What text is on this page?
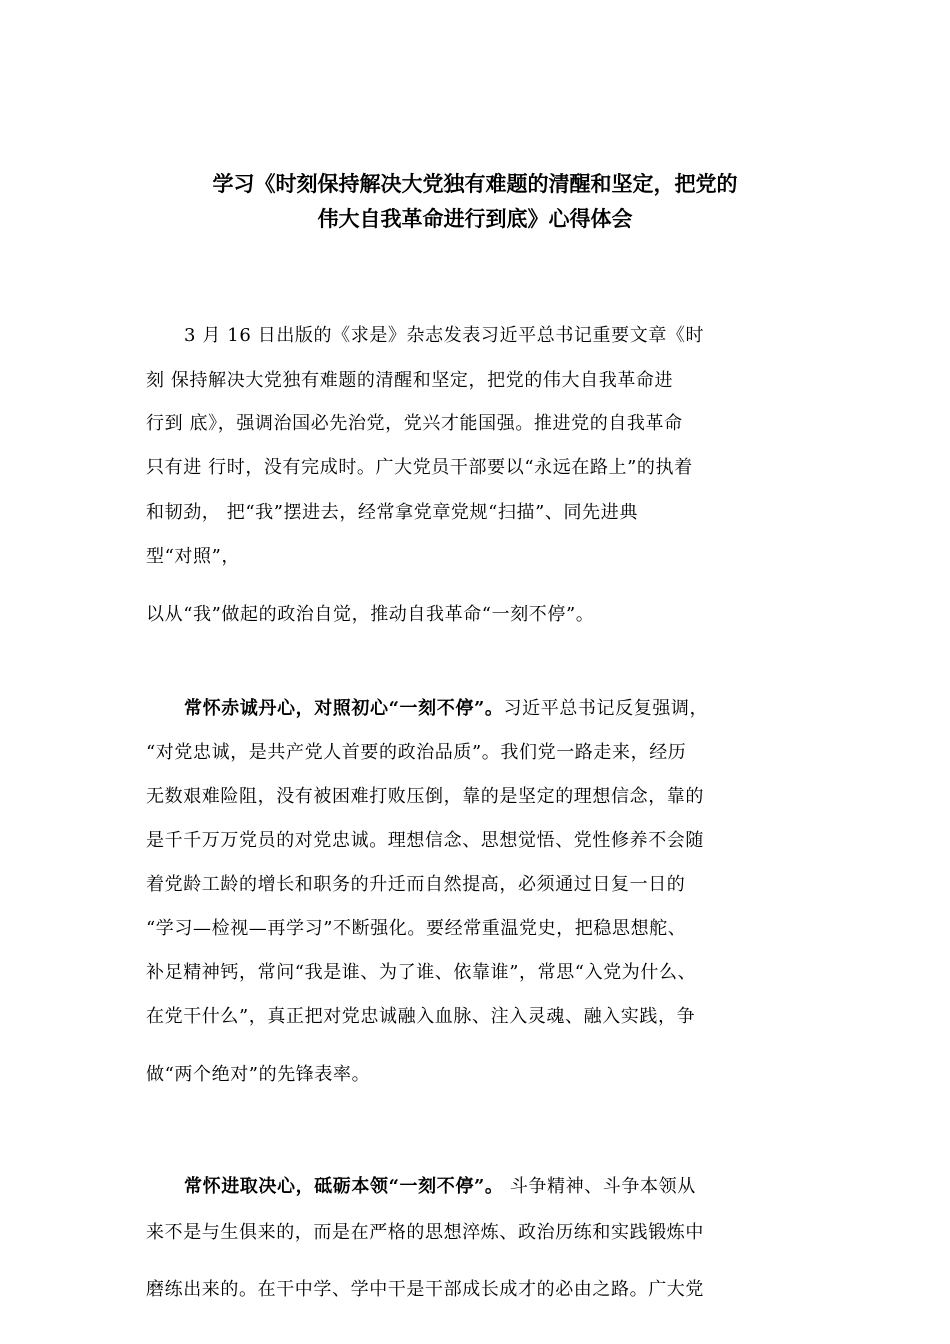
学习《时刻保持解决大党独有难题的清醒和坚定，把党的
伟大自我革命进行到底》心得体会
3 月 16 日出版的《求是》杂志发表习近平总书记重要文章《时
刻 保持解决大党独有难题的清醒和坚定，把党的伟大自我革命进
行到 底》，强调治国必先治党，党兴才能国强。推进党的自我革命
只有进 行时，没有完成时。广大党员干部要以“永远在路上”的执着
和韧劲， 把“我”摆进去，经常拿党章党规“扫描”、同先进典
型“对照”，
以从“我”做起的政治自觉，推动自我革命“一刻不停”。
常怀赤诚丹心，对照初心“一刻不停”。习近平总书记反复强调，
“对党忠诚，是共产党人首要的政治品质”。我们党一路走来，经历
无数艰难险阻，没有被困难打败压倒，靠的是坚定的理想信念，靠的
是千千万万党员的对党忠诚。理想信念、思想觉悟、党性修养不会随
着党龄工龄的增长和职务的升迁而自然提高，必须通过日复一日的
“学习—检视—再学习”不断强化。要经常重温党史，把稳思想舵、
补足精神钙，常问“我是谁、为了谁、依靠谁”，常思“入党为什么、
在党干什么”，真正把对党忠诚融入血脉、注入灵魂、融入实践，争
做“两个绝对”的先锋表率。
常怀进取决心，砥砺本领“一刻不停”。 斗争精神、斗争本领从
来不是与生俱来的，而是在严格的思想淬炼、政治历练和实践锻炼中
磨练出来的。在干中学、学中干是干部成长成才的必由之路。广大党
